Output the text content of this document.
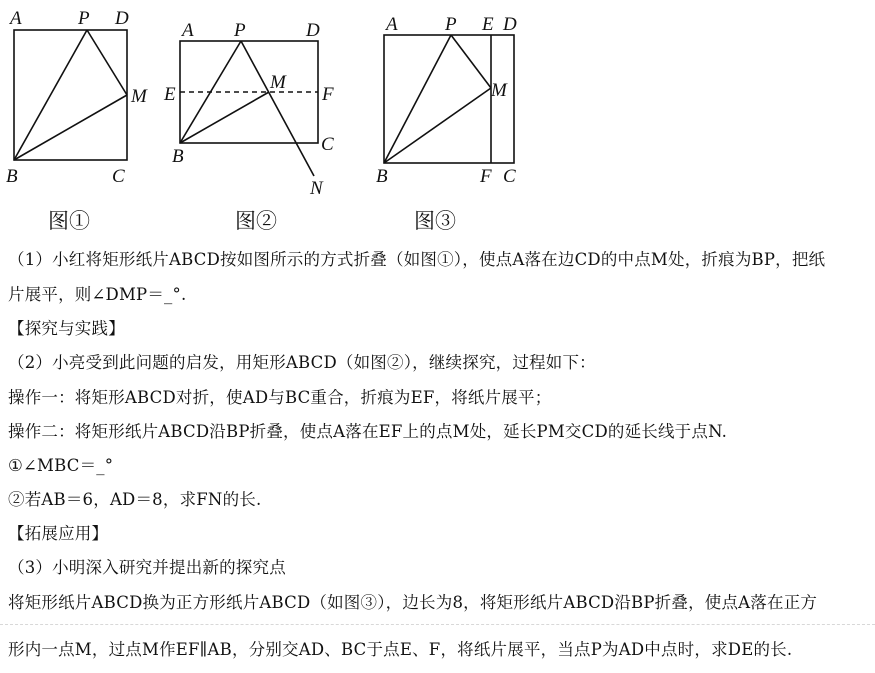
A	P D
M
B	C
A P	D
M
E	F
B
C
N
A P E D
M
B	F C
图①	图②	图③
（1）小红将矩形纸片ABCD按如图所示的方式折叠（如图①），使点A落在边CD的中点M处，折痕为BP，把纸
片展平，则∠DMP＝_°.
【探究与实践】
（2）小亮受到此问题的启发，用矩形ABCD（如图②），继续探究，过程如下：
操作一：将矩形ABCD对折，使AD与BC重合，折痕为EF，将纸片展平；
操作二：将矩形纸片ABCD沿BP折叠，使点A落在EF上的点M处，延长PM交CD的延长线于点N.
①∠MBC＝_°
②若AB＝6，AD＝8，求FN的长.
【拓展应用】
（3）小明深入研究并提出新的探究点
将矩形纸片ABCD换为正方形纸片ABCD（如图③），边长为8，将矩形纸片ABCD沿BP折叠，使点A落在正方
形内一点M，过点M作EF∥AB，分别交AD、BC于点E、F，将纸片展平，当点P为AD中点时，求DE的长.
